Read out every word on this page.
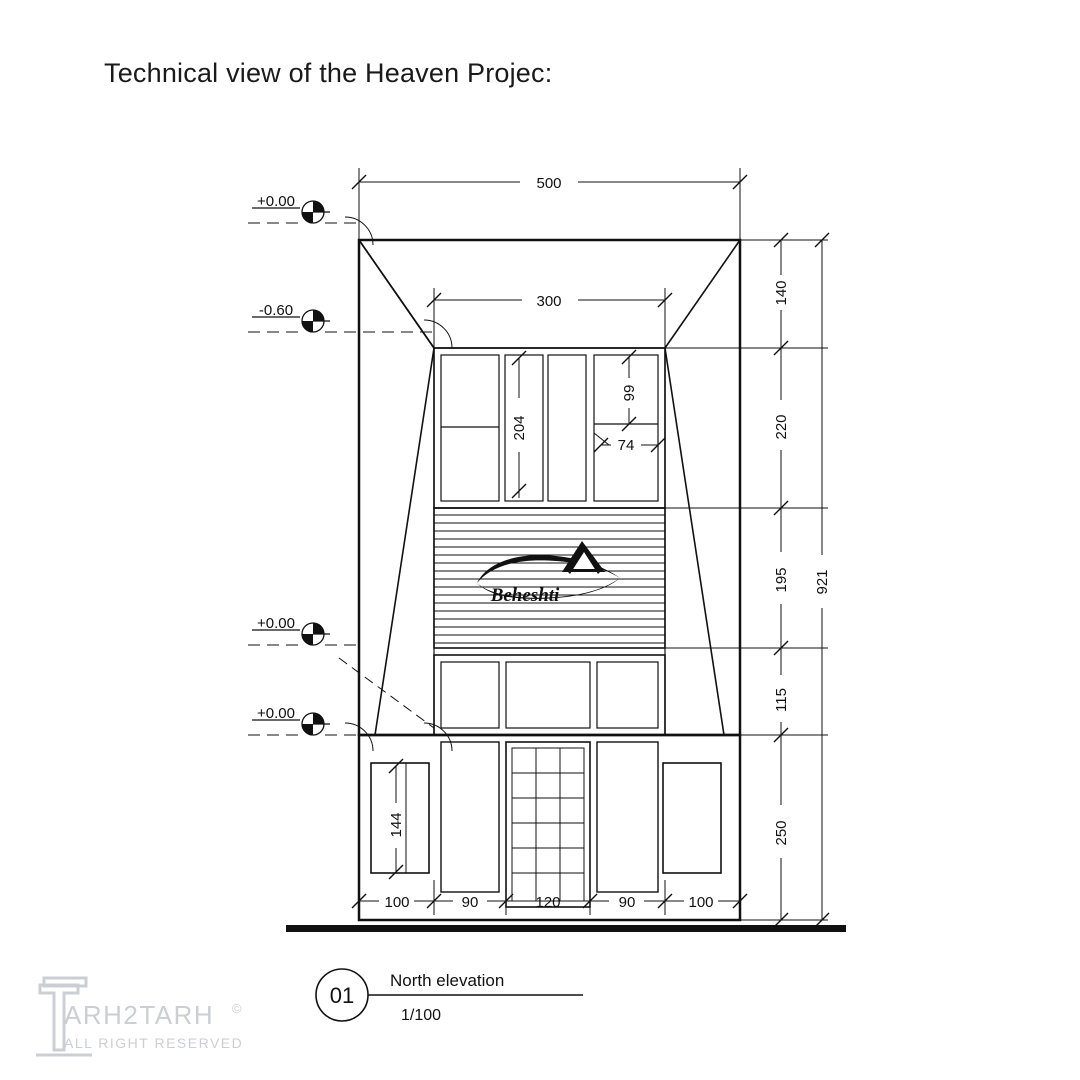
Technical view of the Heaven Projec:
500
300
204
99
74
Beheshti
+0.00
-0.60
+0.00
+0.00
140
220
195
115
250
921
144
100	90	120	90	100
01
North elevation
1/100
ARH2TARH
ALL RIGHT RESERVED
©
